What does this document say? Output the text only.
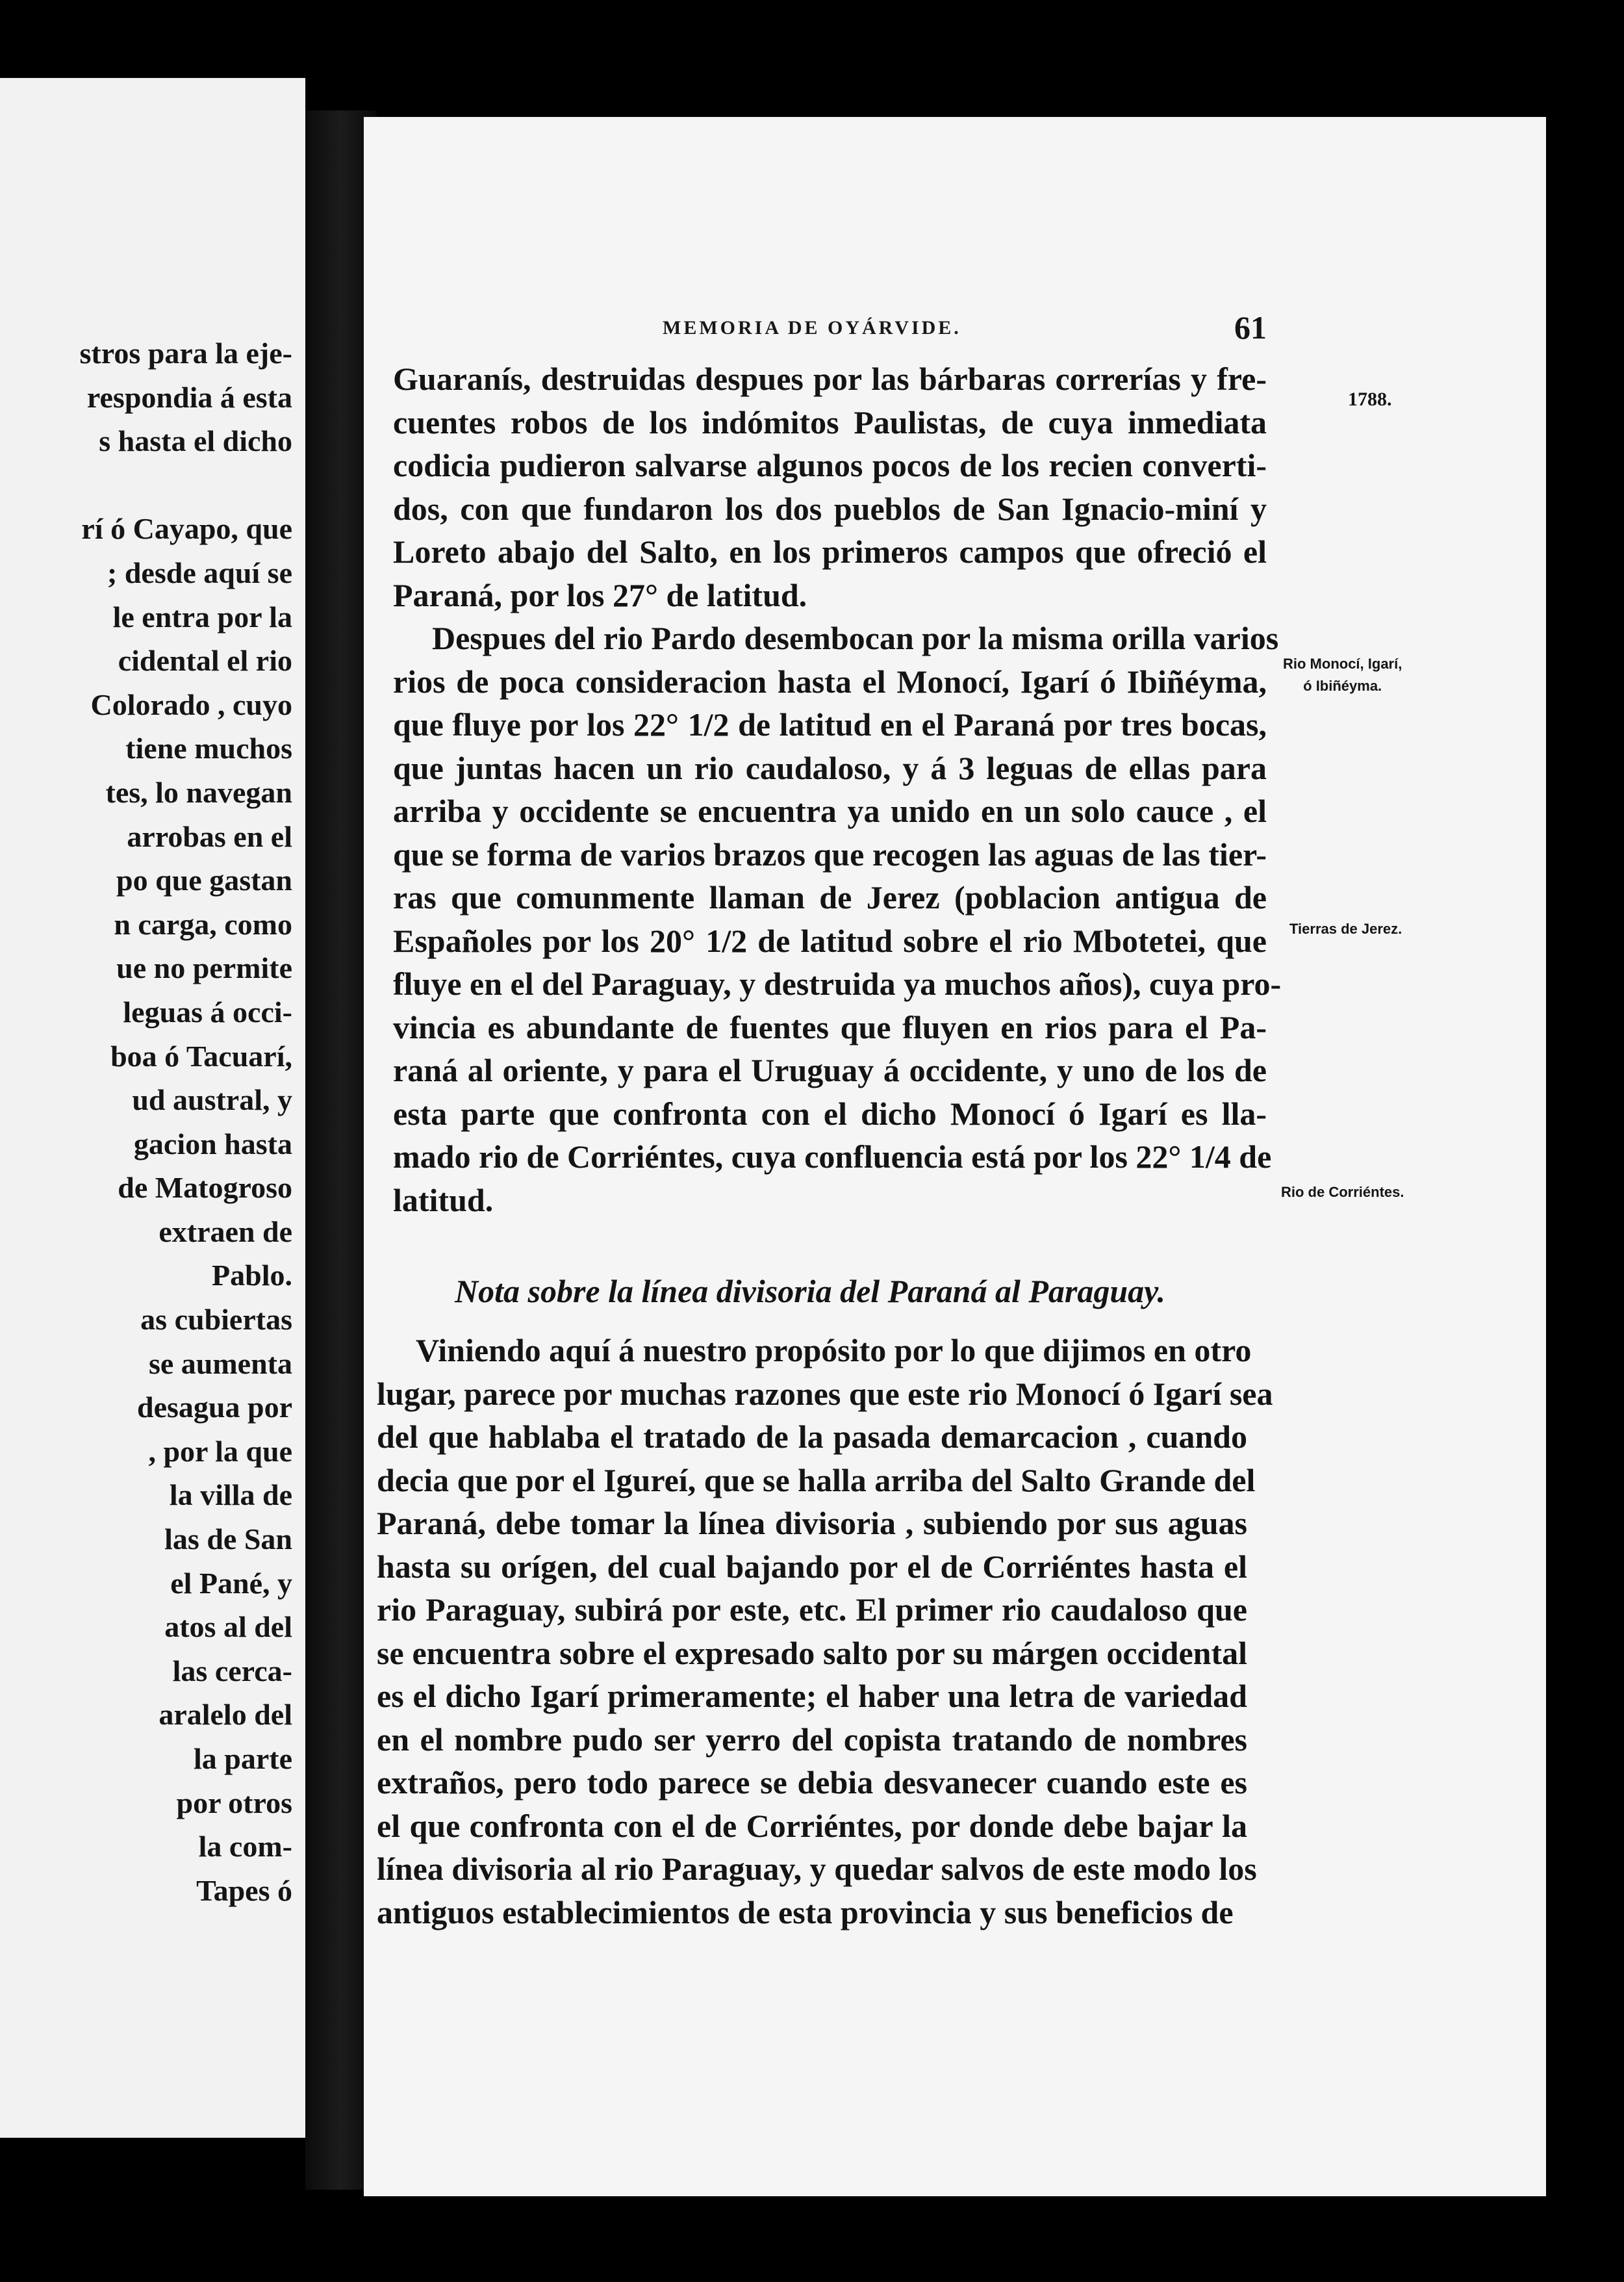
stros para la eje-
respondia á esta
s hasta el dicho

rí ó Cayapo, que
; desde aquí se
le entra por la
cidental el rio
Colorado , cuyo
tiene muchos
tes, lo navegan
arrobas en el
po que gastan
n carga, como
ue no permite
leguas á occi-
boa ó Tacuarí,
ud austral, y
gacion hasta
de Matogroso
extraen de
Pablo.
as cubiertas
se aumenta
desagua por
, por la que
la villa de
las de San
el Pané, y
atos al del
las cerca-
aralelo del
la parte
por otros
la com-
Tapes ó
MEMORIA DE OYÁRVIDE.	61
1788.
Rio Monocí, Igarí,
ó Ibiñéyma.
Tierras de Jerez.
Rio de Corriéntes.
Guaranís, destruidas despues por las bárbaras correrías y fre-
cuentes robos de los indómitos Paulistas, de cuya inmediata
codicia pudieron salvarse algunos pocos de los recien converti-
dos, con que fundaron los dos pueblos de San Ignacio-miní y
Loreto abajo del Salto, en los primeros campos que ofreció el
Paraná, por los 27° de latitud.
Despues del rio Pardo desembocan por la misma orilla varios
rios de poca consideracion hasta el Monocí, Igarí ó Ibiñéyma,
que fluye por los 22° 1/2 de latitud en el Paraná por tres bocas,
que juntas hacen un rio caudaloso, y á 3 leguas de ellas para
arriba y occidente se encuentra ya unido en un solo cauce , el
que se forma de varios brazos que recogen las aguas de las tier-
ras que comunmente llaman de Jerez (poblacion antigua de
Españoles por los 20° 1/2 de latitud sobre el rio Mbotetei, que
fluye en el del Paraguay, y destruida ya muchos años), cuya pro-
vincia es abundante de fuentes que fluyen en rios para el Pa-
raná al oriente, y para el Uruguay á occidente, y uno de los de
esta parte que confronta con el dicho Monocí ó Igarí es lla-
mado rio de Corriéntes, cuya confluencia está por los 22° 1/4 de
latitud.
Nota sobre la línea divisoria del Paraná al Paraguay.
Viniendo aquí á nuestro propósito por lo que dijimos en otro
lugar, parece por muchas razones que este rio Monocí ó Igarí sea
del que hablaba el tratado de la pasada demarcacion , cuando
decia que por el Igureí, que se halla arriba del Salto Grande del
Paraná, debe tomar la línea divisoria , subiendo por sus aguas
hasta su orígen, del cual bajando por el de Corriéntes hasta el
rio Paraguay, subirá por este, etc. El primer rio caudaloso que
se encuentra sobre el expresado salto por su márgen occidental
es el dicho Igarí primeramente; el haber una letra de variedad
en el nombre pudo ser yerro del copista tratando de nombres
extraños, pero todo parece se debia desvanecer cuando este es
el que confronta con el de Corriéntes, por donde debe bajar la
línea divisoria al rio Paraguay, y quedar salvos de este modo los
antiguos establecimientos de esta provincia y sus beneficios de
